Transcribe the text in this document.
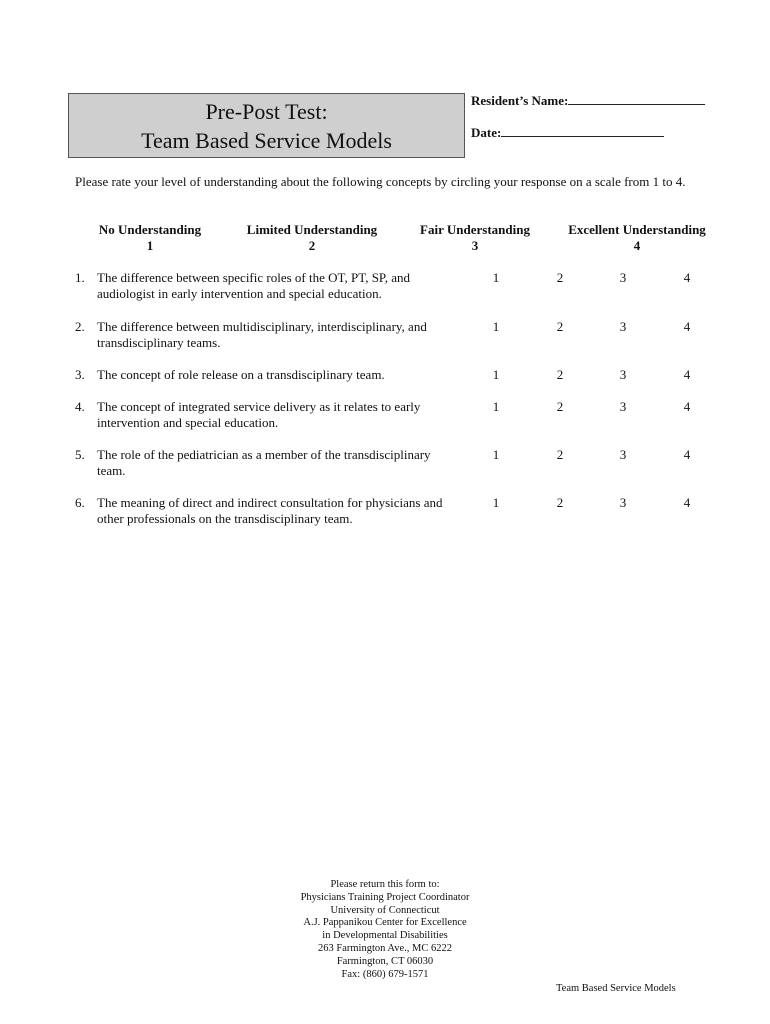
Pre-Post Test:
Team Based Service Models
Resident’s Name:
Date:
Please rate your level of understanding about the following concepts by circling your response on a scale from 1 to 4.
No Understanding
1
Limited Understanding
2
Fair Understanding
3
Excellent Understanding
4
1. The difference between specific roles of the OT, PT, SP, and audiologist in early intervention and special education.
1	2	3	4
2. The difference between multidisciplinary, interdisciplinary, and transdisciplinary teams.
1	2	3	4
3. The concept of role release on a transdisciplinary team.	1	2	3	4
4. The concept of integrated service delivery as it relates to early intervention and special education.
1	2	3	4
5. The role of the pediatrician as a member of the transdisciplinary team.
1	2	3	4
6. The meaning of direct and indirect consultation for physicians and other professionals on the transdisciplinary team.
1	2	3	4
Please return this form to:
Physicians Training Project Coordinator
University of Connecticut
A.J. Pappanikou Center for Excellence
in Developmental Disabilities
263 Farmington Ave., MC 6222
Farmington, CT 06030
Fax: (860) 679-1571
Team Based Service Models
